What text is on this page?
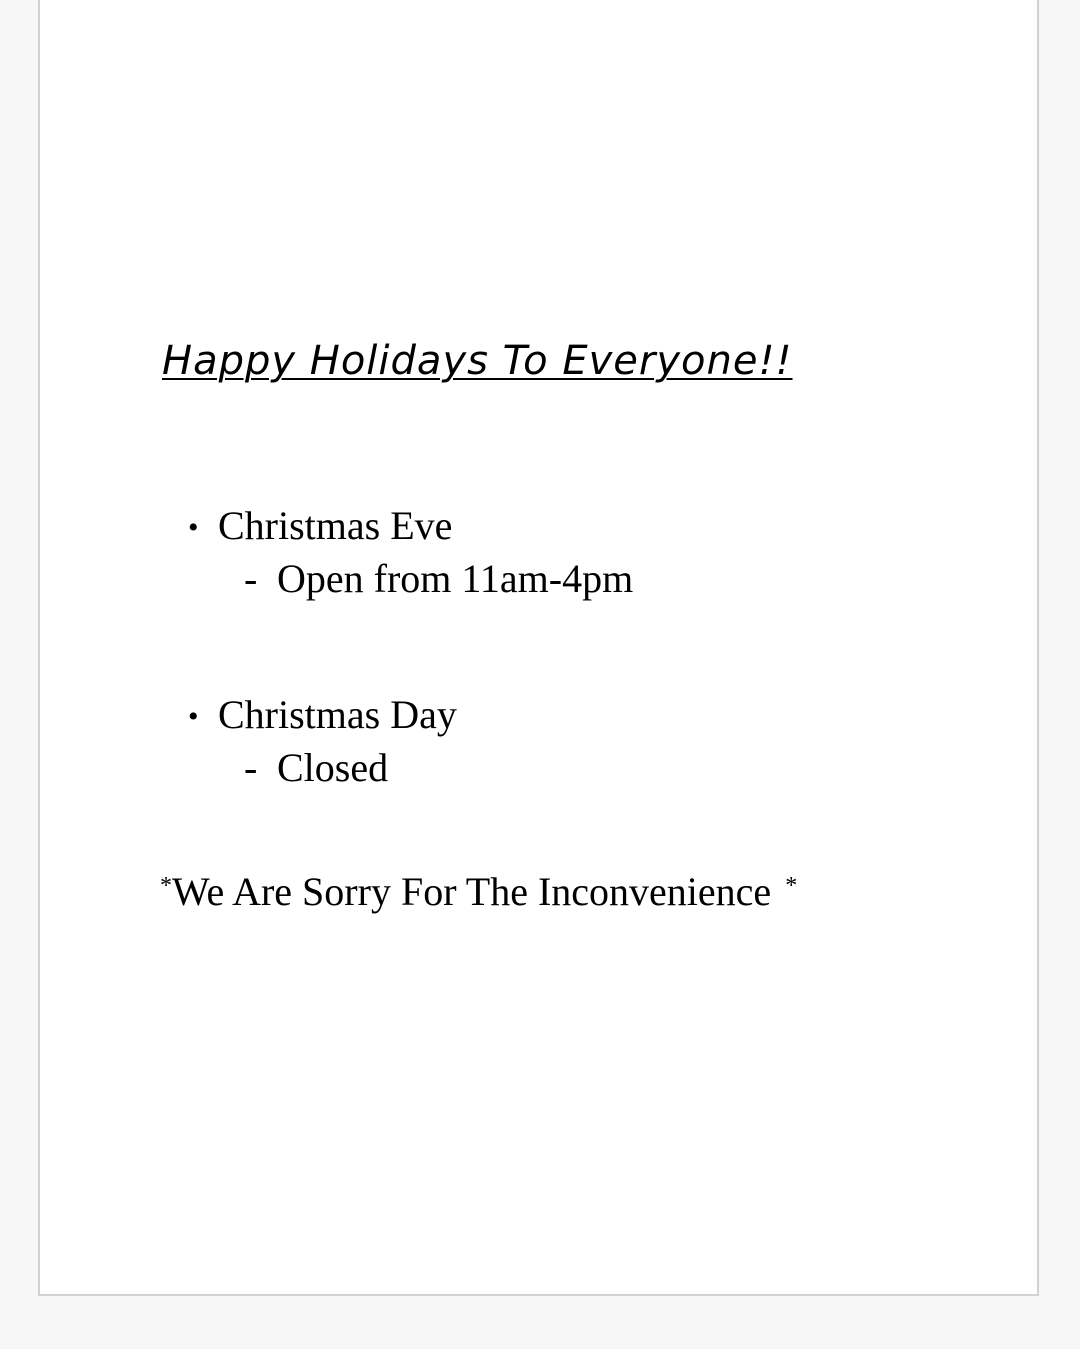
Happy Holidays To Everyone!!
• Christmas Eve
- Open from 11am-4pm
• Christmas Day
- Closed
*We Are Sorry For The Inconvenience *
